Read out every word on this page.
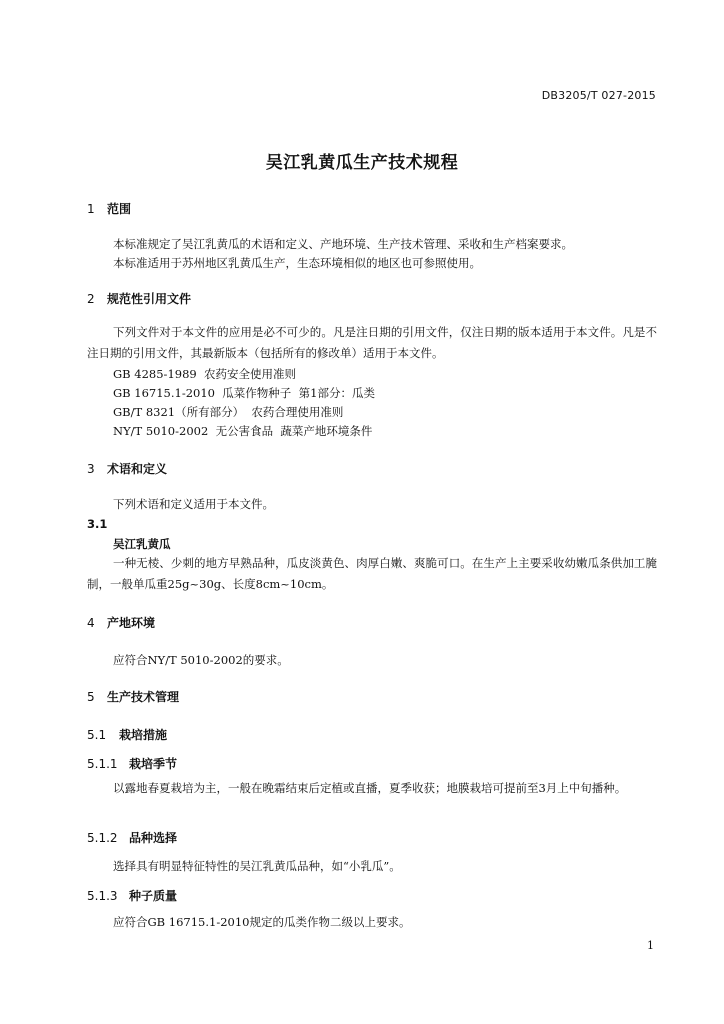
DB3205/T 027-2015
吴江乳黄瓜生产技术规程
1 范围
本标准规定了吴江乳黄瓜的术语和定义、产地环境、生产技术管理、采收和生产档案要求。
本标准适用于苏州地区乳黄瓜生产，生态环境相似的地区也可参照使用。
2 规范性引用文件
下列文件对于本文件的应用是必不可少的。凡是注日期的引用文件，仅注日期的版本适用于本文件。凡是不注日期的引用文件，其最新版本（包括所有的修改单）适用于本文件。
GB 4285-1989  农药安全使用准则
GB 16715.1-2010  瓜菜作物种子  第1部分：瓜类
GB/T 8321（所有部分）  农药合理使用准则
NY/T 5010-2002  无公害食品  蔬菜产地环境条件
3 术语和定义
下列术语和定义适用于本文件。
3.1
吴江乳黄瓜
一种无棱、少刺的地方早熟品种，瓜皮淡黄色、肉厚白嫩、爽脆可口。在生产上主要采收幼嫩瓜条供加工腌制，一般单瓜重25g~30g、长度8cm~10cm。
4 产地环境
应符合NY/T 5010-2002的要求。
5 生产技术管理
5.1 栽培措施
5.1.1 栽培季节
以露地春夏栽培为主，一般在晚霜结束后定植或直播，夏季收获；地膜栽培可提前至3月上中旬播种。
5.1.2 品种选择
选择具有明显特征特性的吴江乳黄瓜品种，如“小乳瓜”。
5.1.3 种子质量
应符合GB 16715.1-2010规定的瓜类作物二级以上要求。
1
